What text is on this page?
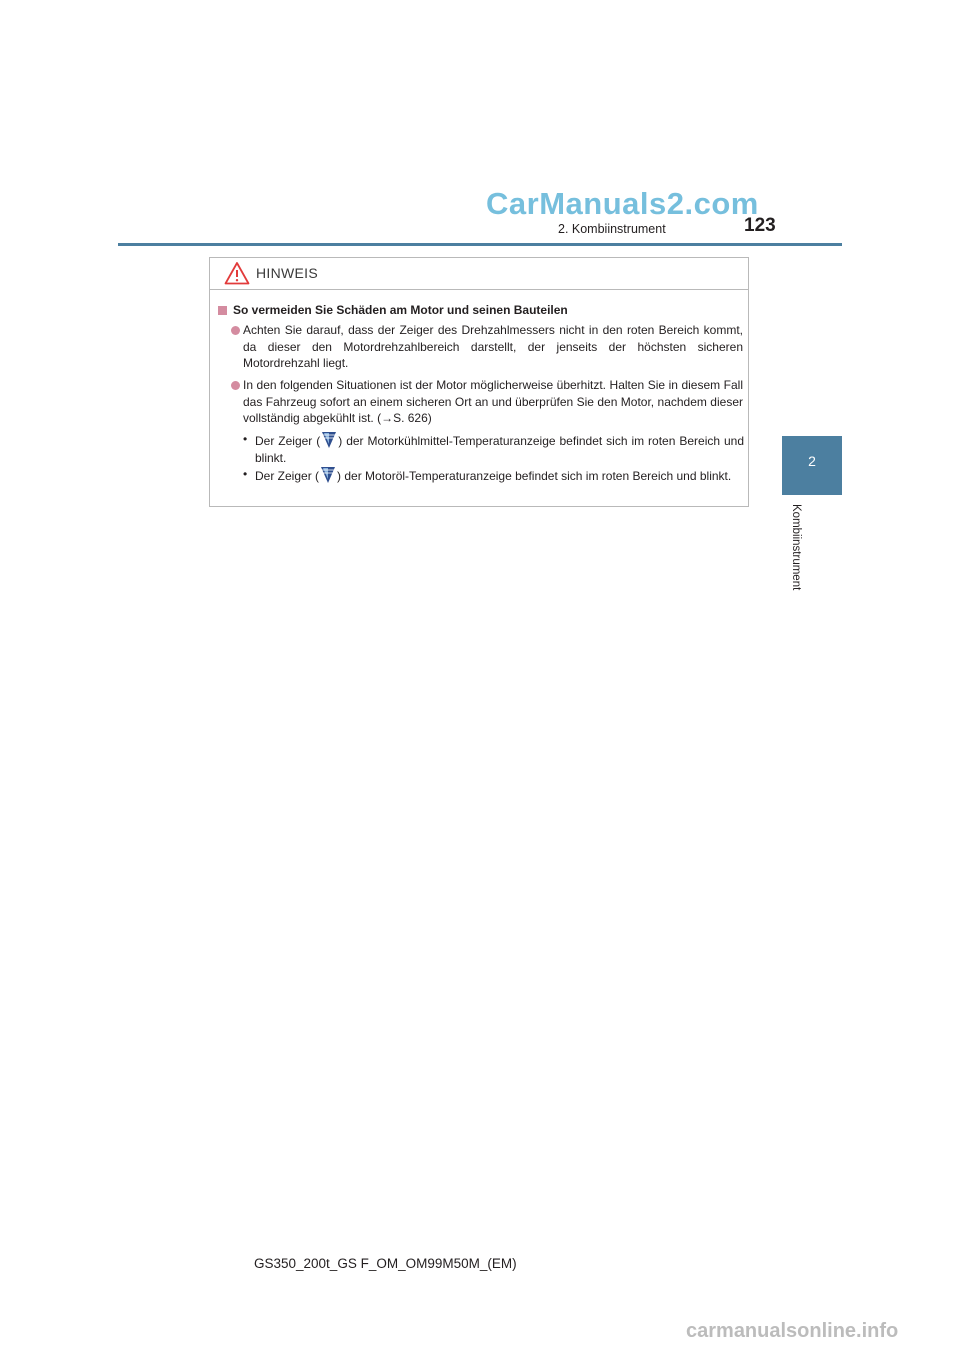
CarManuals2.com
2. Kombiinstrument	123
2
Kombiinstrument
HINWEIS
So vermeiden Sie Schäden am Motor und seinen Bauteilen
Achten Sie darauf, dass der Zeiger des Drehzahlmessers nicht in den roten Bereich kommt, da dieser den Motordrehzahlbereich darstellt, der jenseits der höchsten sicheren Motordrehzahl liegt.
In den folgenden Situationen ist der Motor möglicherweise überhitzt. Halten Sie in diesem Fall das Fahrzeug sofort an einem sicheren Ort an und überprüfen Sie den Motor, nachdem dieser vollständig abgekühlt ist. (→S. 626)
• Der Zeiger ( ) der Motorkühlmittel-Temperaturanzeige befindet sich im roten Bereich und blinkt.
• Der Zeiger ( ) der Motoröl-Temperaturanzeige befindet sich im roten Bereich und blinkt.
GS350_200t_GS F_OM_OM99M50M_(EM)
carmanualsonline.info
